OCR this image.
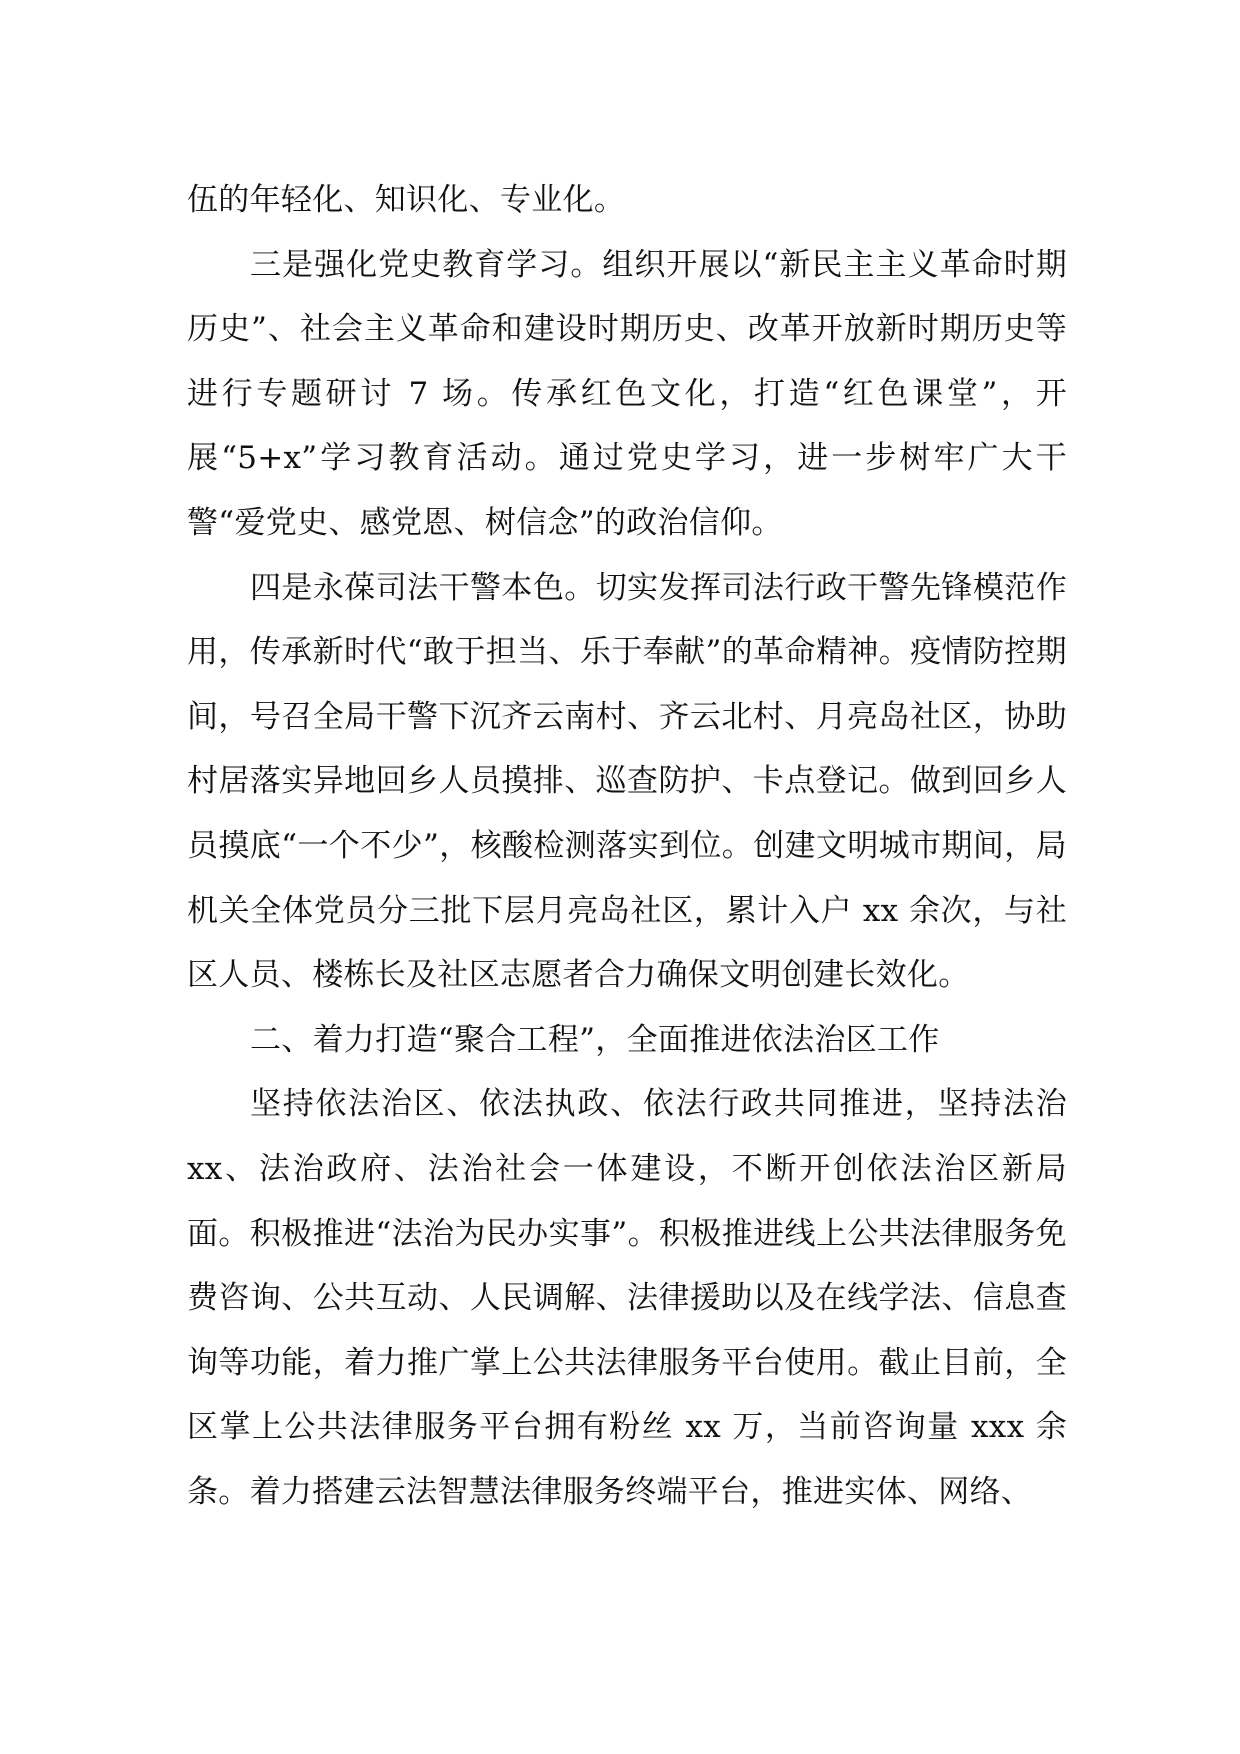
伍的年轻化、知识化、专业化。

三是强化党史教育学习。组织开展以“新民主主义革命时期历史”、社会主义革命和建设时期历史、改革开放新时期历史等进行专题研讨 7 场。传承红色文化，打造“红色课堂”，开展“5+x”学习教育活动。通过党史学习，进一步树牢广大干警“爱党史、感党恩、树信念”的政治信仰。

四是永葆司法干警本色。切实发挥司法行政干警先锋模范作用，传承新时代“敢于担当、乐于奉献”的革命精神。疫情防控期间，号召全局干警下沉齐云南村、齐云北村、月亮岛社区，协助村居落实异地回乡人员摸排、巡查防护、卡点登记。做到回乡人员摸底“一个不少”，核酸检测落实到位。创建文明城市期间，局机关全体党员分三批下层月亮岛社区，累计入户 xx 余次，与社区人员、楼栋长及社区志愿者合力确保文明创建长效化。

二、着力打造“聚合工程”，全面推进依法治区工作

坚持依法治区、依法执政、依法行政共同推进，坚持法治 xx、法治政府、法治社会一体建设，不断开创依法治区新局面。积极推进“法治为民办实事”。积极推进线上公共法律服务免费咨询、公共互动、人民调解、法律援助以及在线学法、信息查询等功能，着力推广掌上公共法律服务平台使用。截止目前，全区掌上公共法律服务平台拥有粉丝 xx 万，当前咨询量 xxx 余条。着力搭建云法智慧法律服务终端平台，推进实体、网络、
